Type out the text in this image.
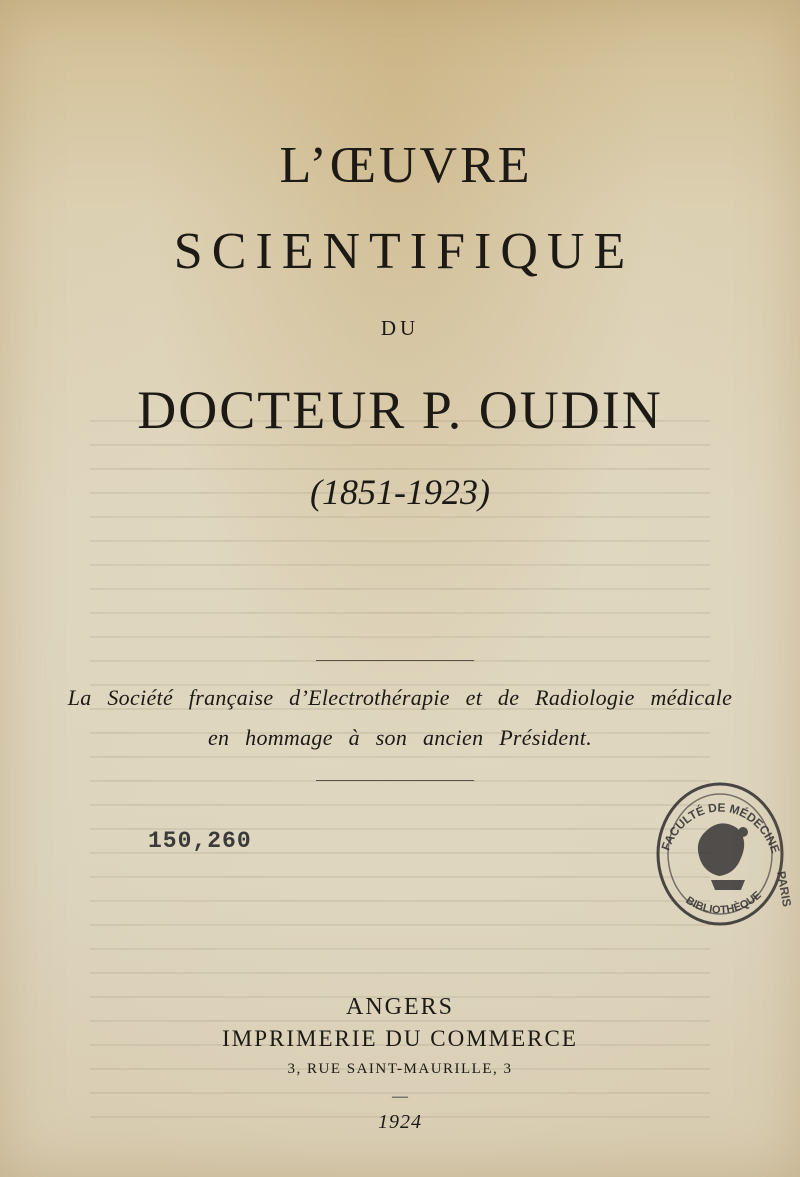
L’ŒUVRE
SCIENTIFIQUE
DU
DOCTEUR P. OUDIN
(1851-1923)
La Société française d’Electrothérapie et de Radiologie médicale
en hommage à son ancien Président.
150,260	FACULTÉ DE MÉDECINE
BIBLIOTHÈQUE PARIS
ANGERS
IMPRIMERIE DU COMMERCE
3, RUE SAINT-MAURILLE, 3
—
1924
